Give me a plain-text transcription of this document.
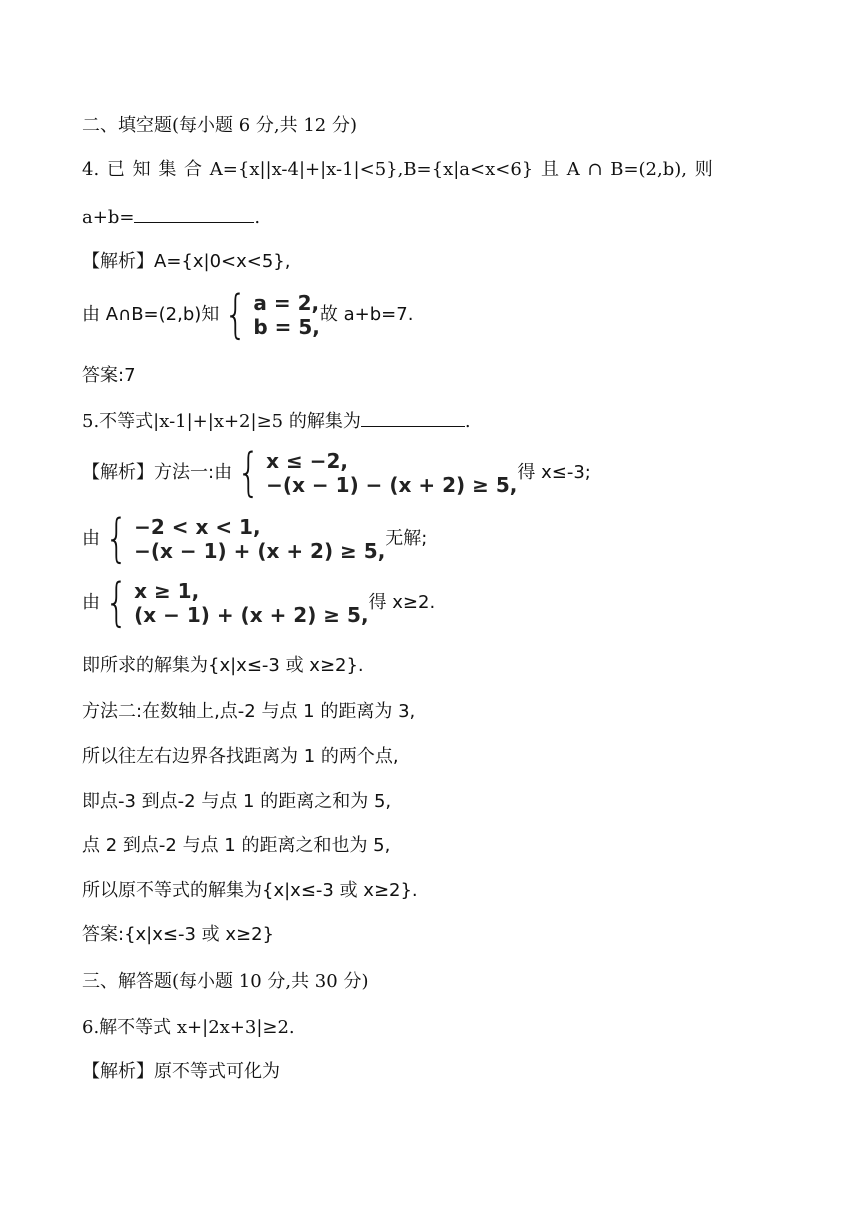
二、填空题(每小题 6 分,共 12 分)
4. 已 知 集 合 A={x||x-4|+|x-1|<5},B={x|a<x<6} 且 A ∩ B=(2,b), 则
a+b=	.
【解析】A={x|0<x<5},
由 A∩B=(2,b)知 { a = 2,
b = 5,
故 a+b=7.
答案:7
5.不等式|x-1|+|x+2|≥5 的解集为	.
【解析】方法一:由 { x ≤ −2,
−(x − 1) − (x + 2) ≥ 5,
得 x≤-3;
由 { −2 < x < 1,
−(x − 1) + (x + 2) ≥ 5,
无解;
由 { x ≥ 1,
(x − 1) + (x + 2) ≥ 5,
得 x≥2.
即所求的解集为{x|x≤-3 或 x≥2}.
方法二:在数轴上,点-2 与点 1 的距离为 3,
所以往左右边界各找距离为 1 的两个点,
即点-3 到点-2 与点 1 的距离之和为 5,
点 2 到点-2 与点 1 的距离之和也为 5,
所以原不等式的解集为{x|x≤-3 或 x≥2}.
答案:{x|x≤-3 或 x≥2}
三、解答题(每小题 10 分,共 30 分)
6.解不等式 x+|2x+3|≥2.
【解析】原不等式可化为
